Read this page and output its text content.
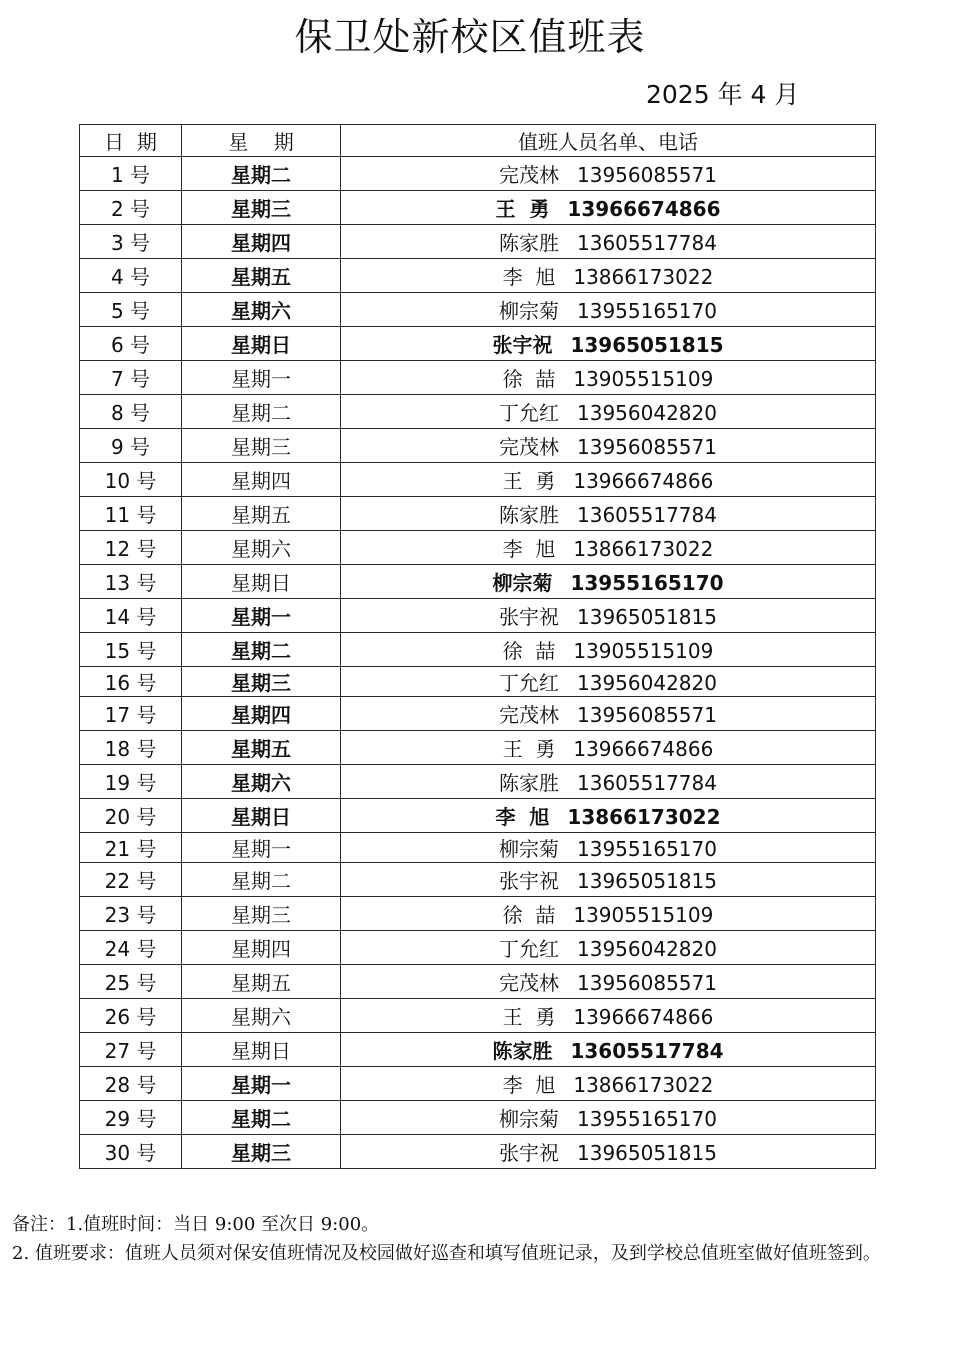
保卫处新校区值班表
2025 年 4 月
日  期	星    期	值班人员名单、电话
1 号	星期二	完茂林 13956085571
2 号	星期三	王  勇 13966674866
3 号	星期四	陈家胜 13605517784
4 号	星期五	李  旭 13866173022
5 号	星期六	柳宗菊 13955165170
6 号	星期日	张宇祝 13965051815
7 号	星期一	徐  喆 13905515109
8 号	星期二	丁允红 13956042820
9 号	星期三	完茂林 13956085571
10 号	星期四	王  勇 13966674866
11 号	星期五	陈家胜 13605517784
12 号	星期六	李  旭 13866173022
13 号	星期日	柳宗菊 13955165170
14 号	星期一	张宇祝 13965051815
15 号	星期二	徐  喆 13905515109
16 号	星期三	丁允红 13956042820
17 号	星期四	完茂林 13956085571
18 号	星期五	王  勇 13966674866
19 号	星期六	陈家胜 13605517784
20 号	星期日	李  旭 13866173022
21 号	星期一	柳宗菊 13955165170
22 号	星期二	张宇祝 13965051815
23 号	星期三	徐  喆 13905515109
24 号	星期四	丁允红 13956042820
25 号	星期五	完茂林 13956085571
26 号	星期六	王  勇 13966674866
27 号	星期日	陈家胜 13605517784
28 号	星期一	李  旭 13866173022
29 号	星期二	柳宗菊 13955165170
30 号	星期三	张宇祝 13965051815

备注：1.值班时间：当日 9:00 至次日 9:00。

2. 值班要求：值班人员须对保安值班情况及校园做好巡查和填写值班记录，及到学校总值班室做好值班签到。
